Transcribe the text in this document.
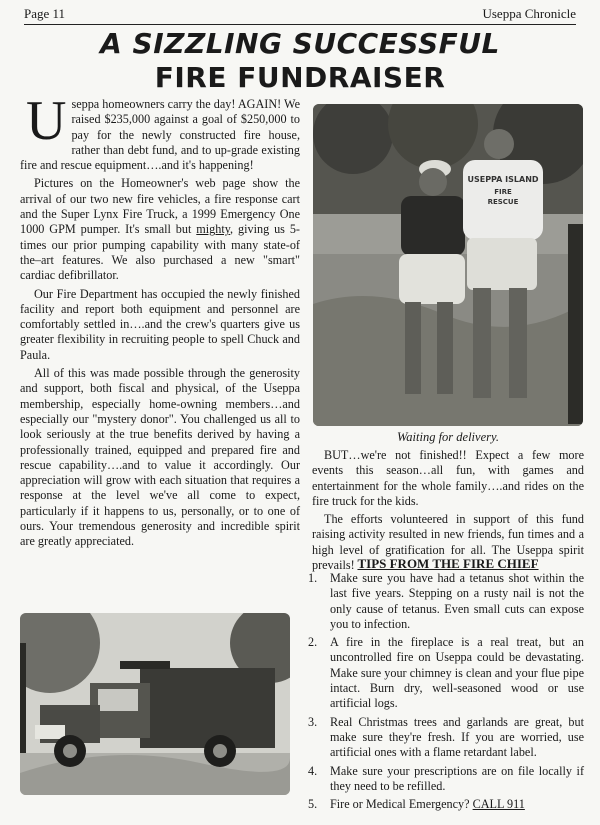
Page 11	Useppa Chronicle
A SIZZLING SUCCESSFUL
FIRE FUNDRAISER

Useppa homeowners carry the day! AGAIN! We raised $235,000 against a goal of $250,000 to pay for the newly constructed fire house, rather than debt fund, and to up-grade existing fire and rescue equipment….and it's happening!

Pictures on the Homeowner's web page show the arrival of our two new fire vehicles, a fire response cart and the Super Lynx Fire Truck, a 1999 Emergency One 1000 GPM pumper. It's small but mighty, giving us 5-times our prior pumping capability with many state-of the–art features. We also purchased a new "smart" cardiac defibrillator.

Our Fire Department has occupied the newly finished facility and report both equipment and personnel are comfortably settled in….and the crew's quarters give us greater flexibility in recruiting people to spell Chuck and Paula.

All of this was made possible through the generosity and support, both fiscal and physical, of the Useppa membership, especially home-owning members…and especially our "mystery donor". You challenged us all to look seriously at the true benefits derived by having a professionally trained, equipped and prepared fire and rescue capability….and to value it accordingly. Our appreciation will grow with each situation that requires a response at the level we've all come to expect, particularly if it happens to us, personally, or to one of ours. Your tremendous generosity and incredible spirit are greatly appreciated.

USEPPA ISLAND
FIRE
RESCUE
Waiting for delivery.

BUT…we're not finished!! Expect a few more events this season…all fun, with games and entertainment for the whole family….and rides on the fire truck for the kids.

The efforts volunteered in support of this fund raising activity resulted in new friends, fun times and a high level of gratification for all. The Useppa spirit prevails! TIPS FROM THE FIRE CHIEF
1. Make sure you have had a tetanus shot within the last five years. Stepping on a rusty nail is not the only cause of tetanus. Even small cuts can expose you to infection.
2. A fire in the fireplace is a real treat, but an uncontrolled fire on Useppa could be devastating. Make sure your chimney is clean and your flue pipe intact. Burn dry, well-seasoned wood or use artificial logs.
3. Real Christmas trees and garlands are great, but make sure they're fresh. If you are worried, use artificial ones with a flame retardant label.
4. Make sure your prescriptions are on file locally if they need to be refilled.
5. Fire or Medical Emergency? CALL 911
